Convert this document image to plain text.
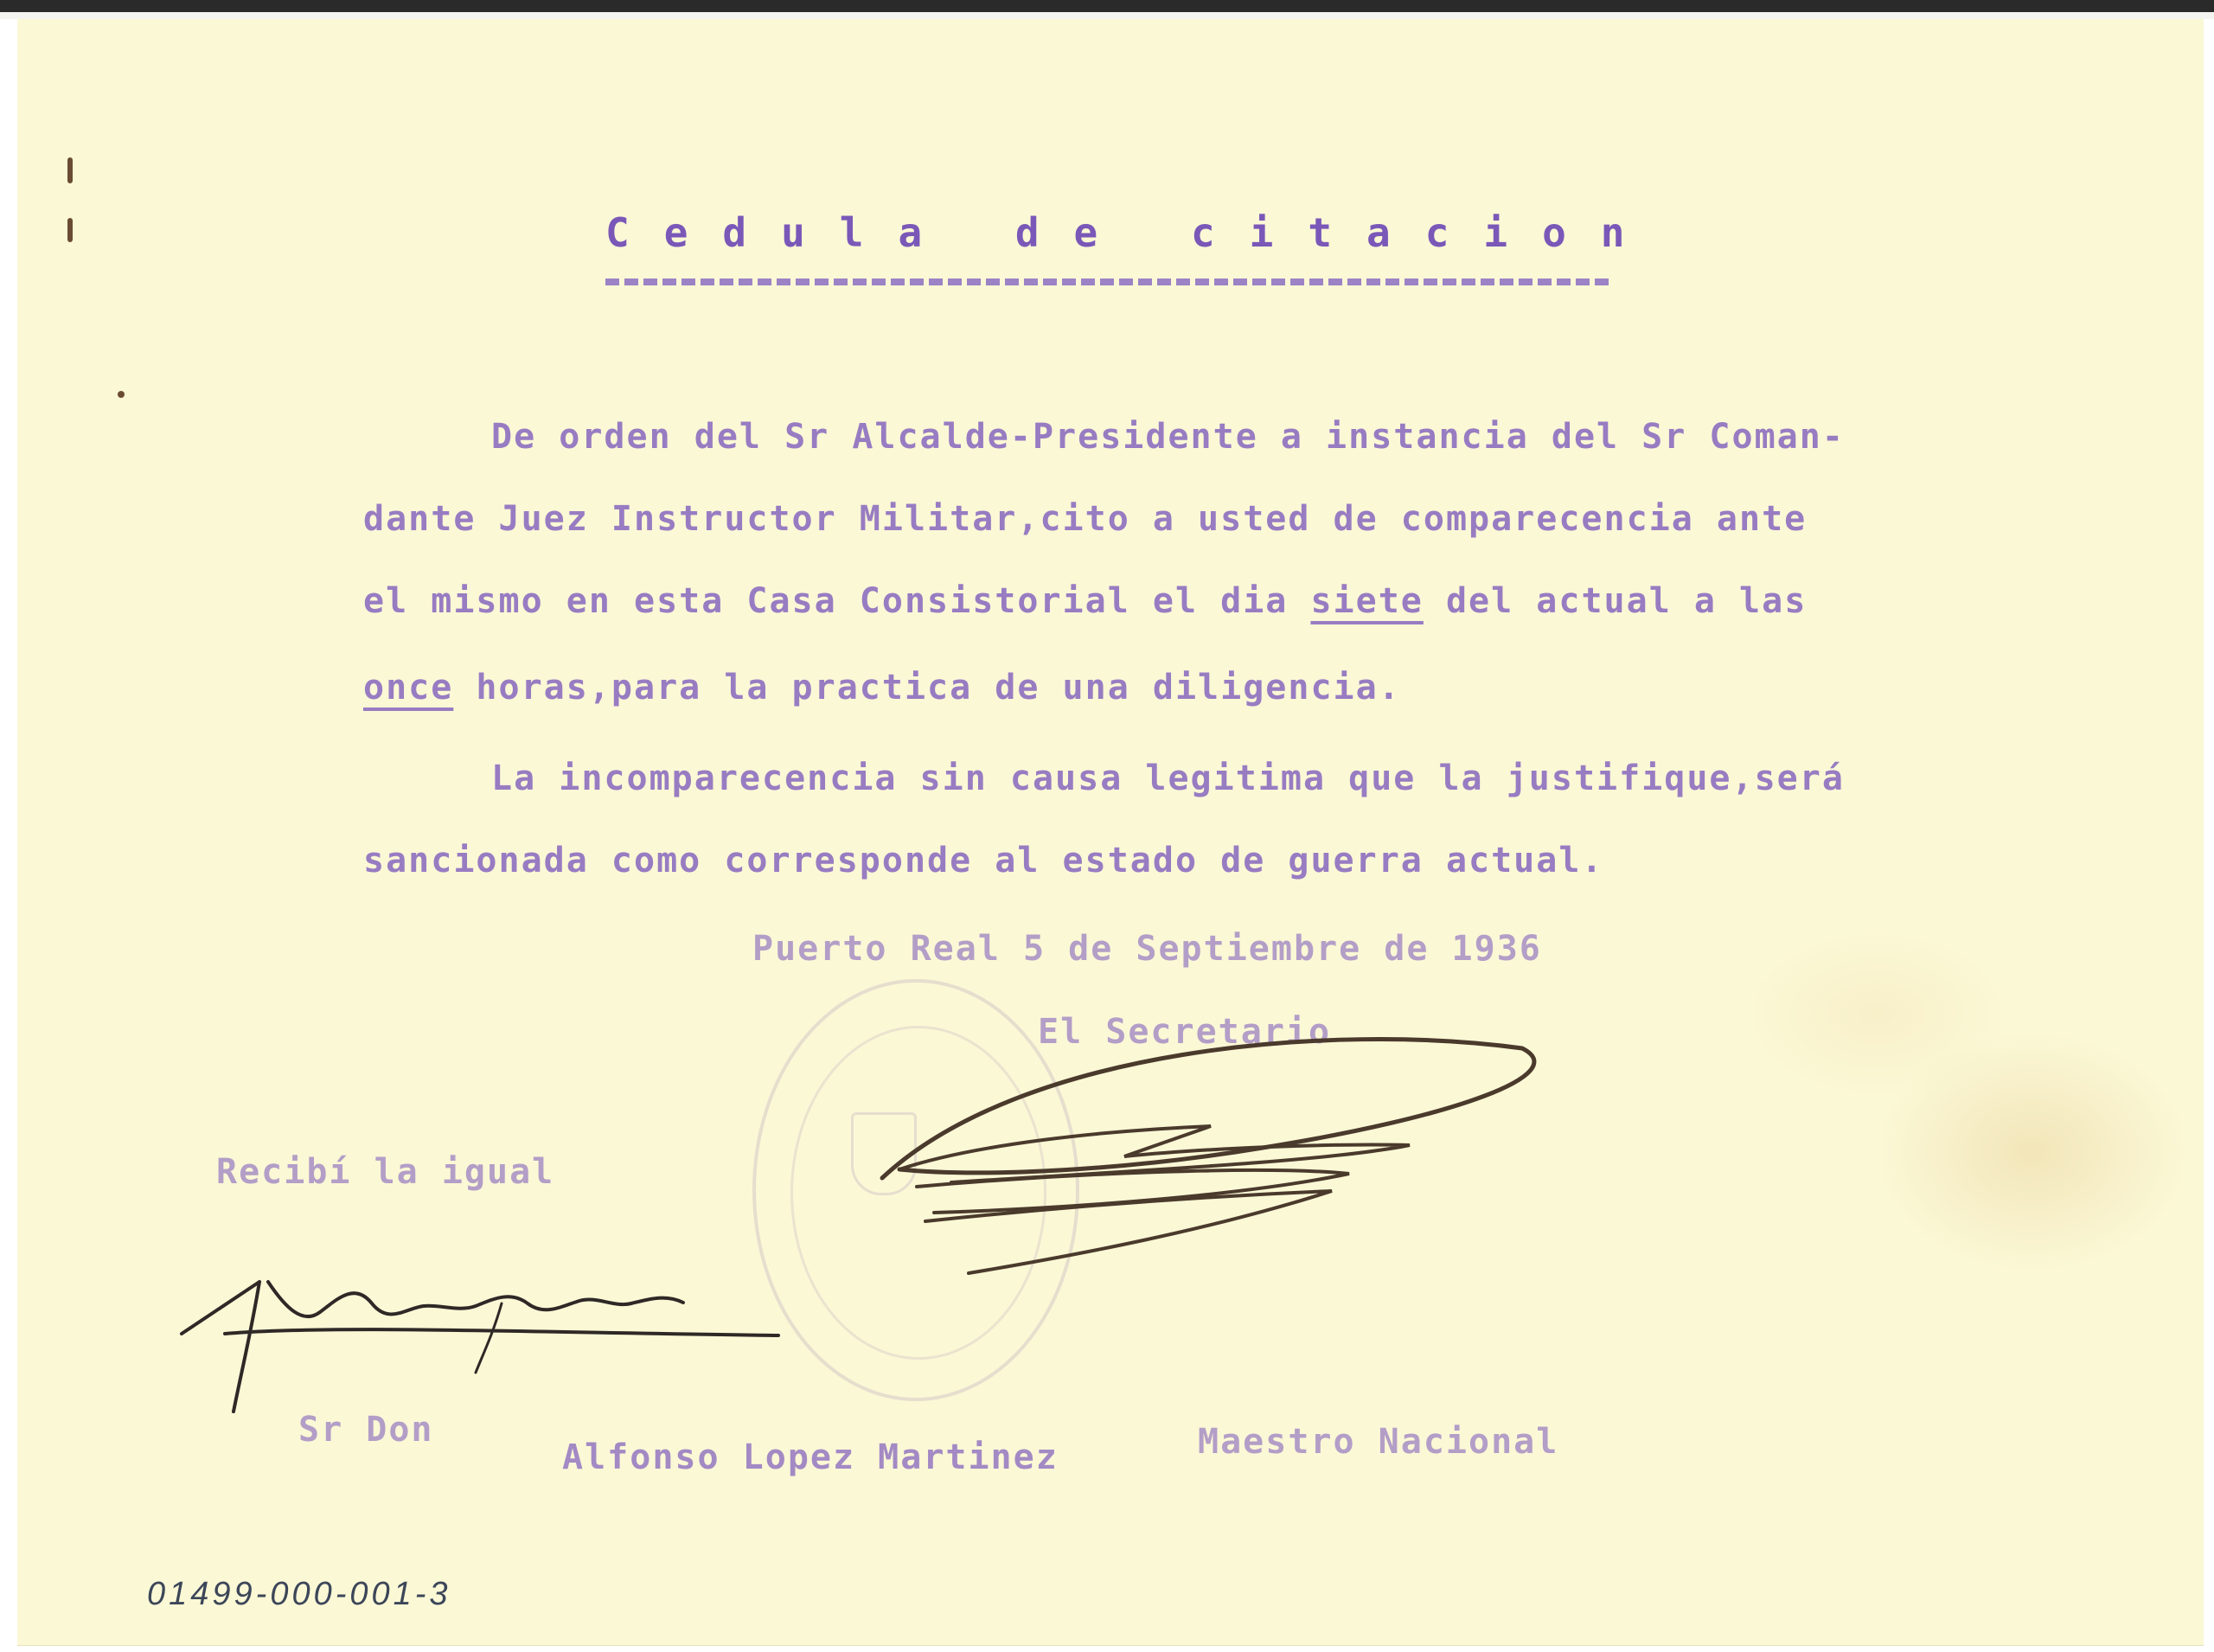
Cedula de citacion
De orden del Sr Alcalde-Presidente a instancia del Sr Coman-
dante Juez Instructor Militar,cito a usted de comparecencia ante
el mismo en esta Casa Consistorial el dia siete del actual a las
once horas,para la practica de una diligencia.
La incomparecencia sin causa legitima que la justifique,será
sancionada como corresponde al estado de guerra actual.
Puerto Real 5 de Septiembre de 1936
El Secretario
Recibí la igual
Alfonso López
Sr Don
Alfonso Lopez Martinez	Maestro Nacional
01499-000-001-3
